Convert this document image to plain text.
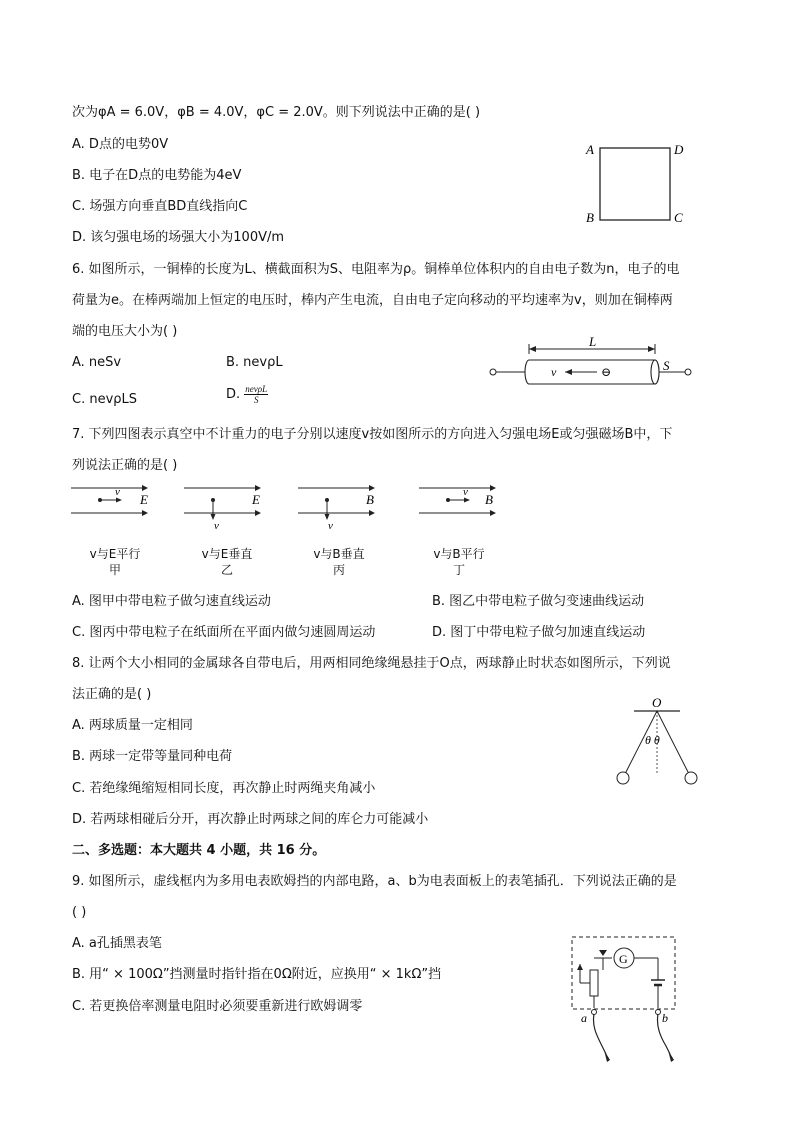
次为φA = 6.0V，φB = 4.0V，φC = 2.0V。则下列说法中正确的是( )
A. D点的电势0V
B. 电子在D点的电势能为4eV
C. 场强方向垂直BD直线指向C
D. 该匀强电场的场强大小为100V/m
A	D
B	C
6. 如图所示，一铜棒的长度为L、横截面积为S、电阻率为ρ。铜棒单位体积内的自由电子数为n，电子的电
荷量为e。在棒两端加上恒定的电压时，棒内产生电流，自由电子定向移动的平均速率为v，则加在铜棒两
端的电压大小为( )
A. neSv	B. nevρL
C. nevρLS	D. $\frac{\text{nevρL}}{S}$
L
S
v	⊖
7. 下列四图表示真空中不计重力的电子分别以速度v按如图所示的方向进入匀强电场E或匀强磁场B中，下
列说法正确的是( )
v E
v
E
v
B	v B
v与E平行
甲
v与E垂直
乙
v与B垂直
丙
v与B平行
丁
A. 图甲中带电粒子做匀速直线运动	B. 图乙中带电粒子做匀变速曲线运动
C. 图丙中带电粒子在纸面所在平面内做匀速圆周运动	D. 图丁中带电粒子做匀加速直线运动
8. 让两个大小相同的金属球各自带电后，用两相同绝缘绳悬挂于O点，两球静止时状态如图所示，下列说
法正确的是( )
A. 两球质量一定相同
B. 两球一定带等量同种电荷
C. 若绝缘绳缩短相同长度，再次静止时两绳夹角减小
D. 若两球相碰后分开，再次静止时两球之间的库仑力可能减小
O
θ θ
二、多选题：本大题共 4 小题，共 16 分。
9. 如图所示，虚线框内为多用电表欧姆挡的内部电路，a、b为电表面板上的表笔插孔．下列说法正确的是
( )
A. a孔插黑表笔
B. 用“ × 100Ω”挡测量时指针指在0Ω附近，应换用“ × 1kΩ”挡
C. 若更换倍率测量电阻时必须要重新进行欧姆调零
G
a	b
